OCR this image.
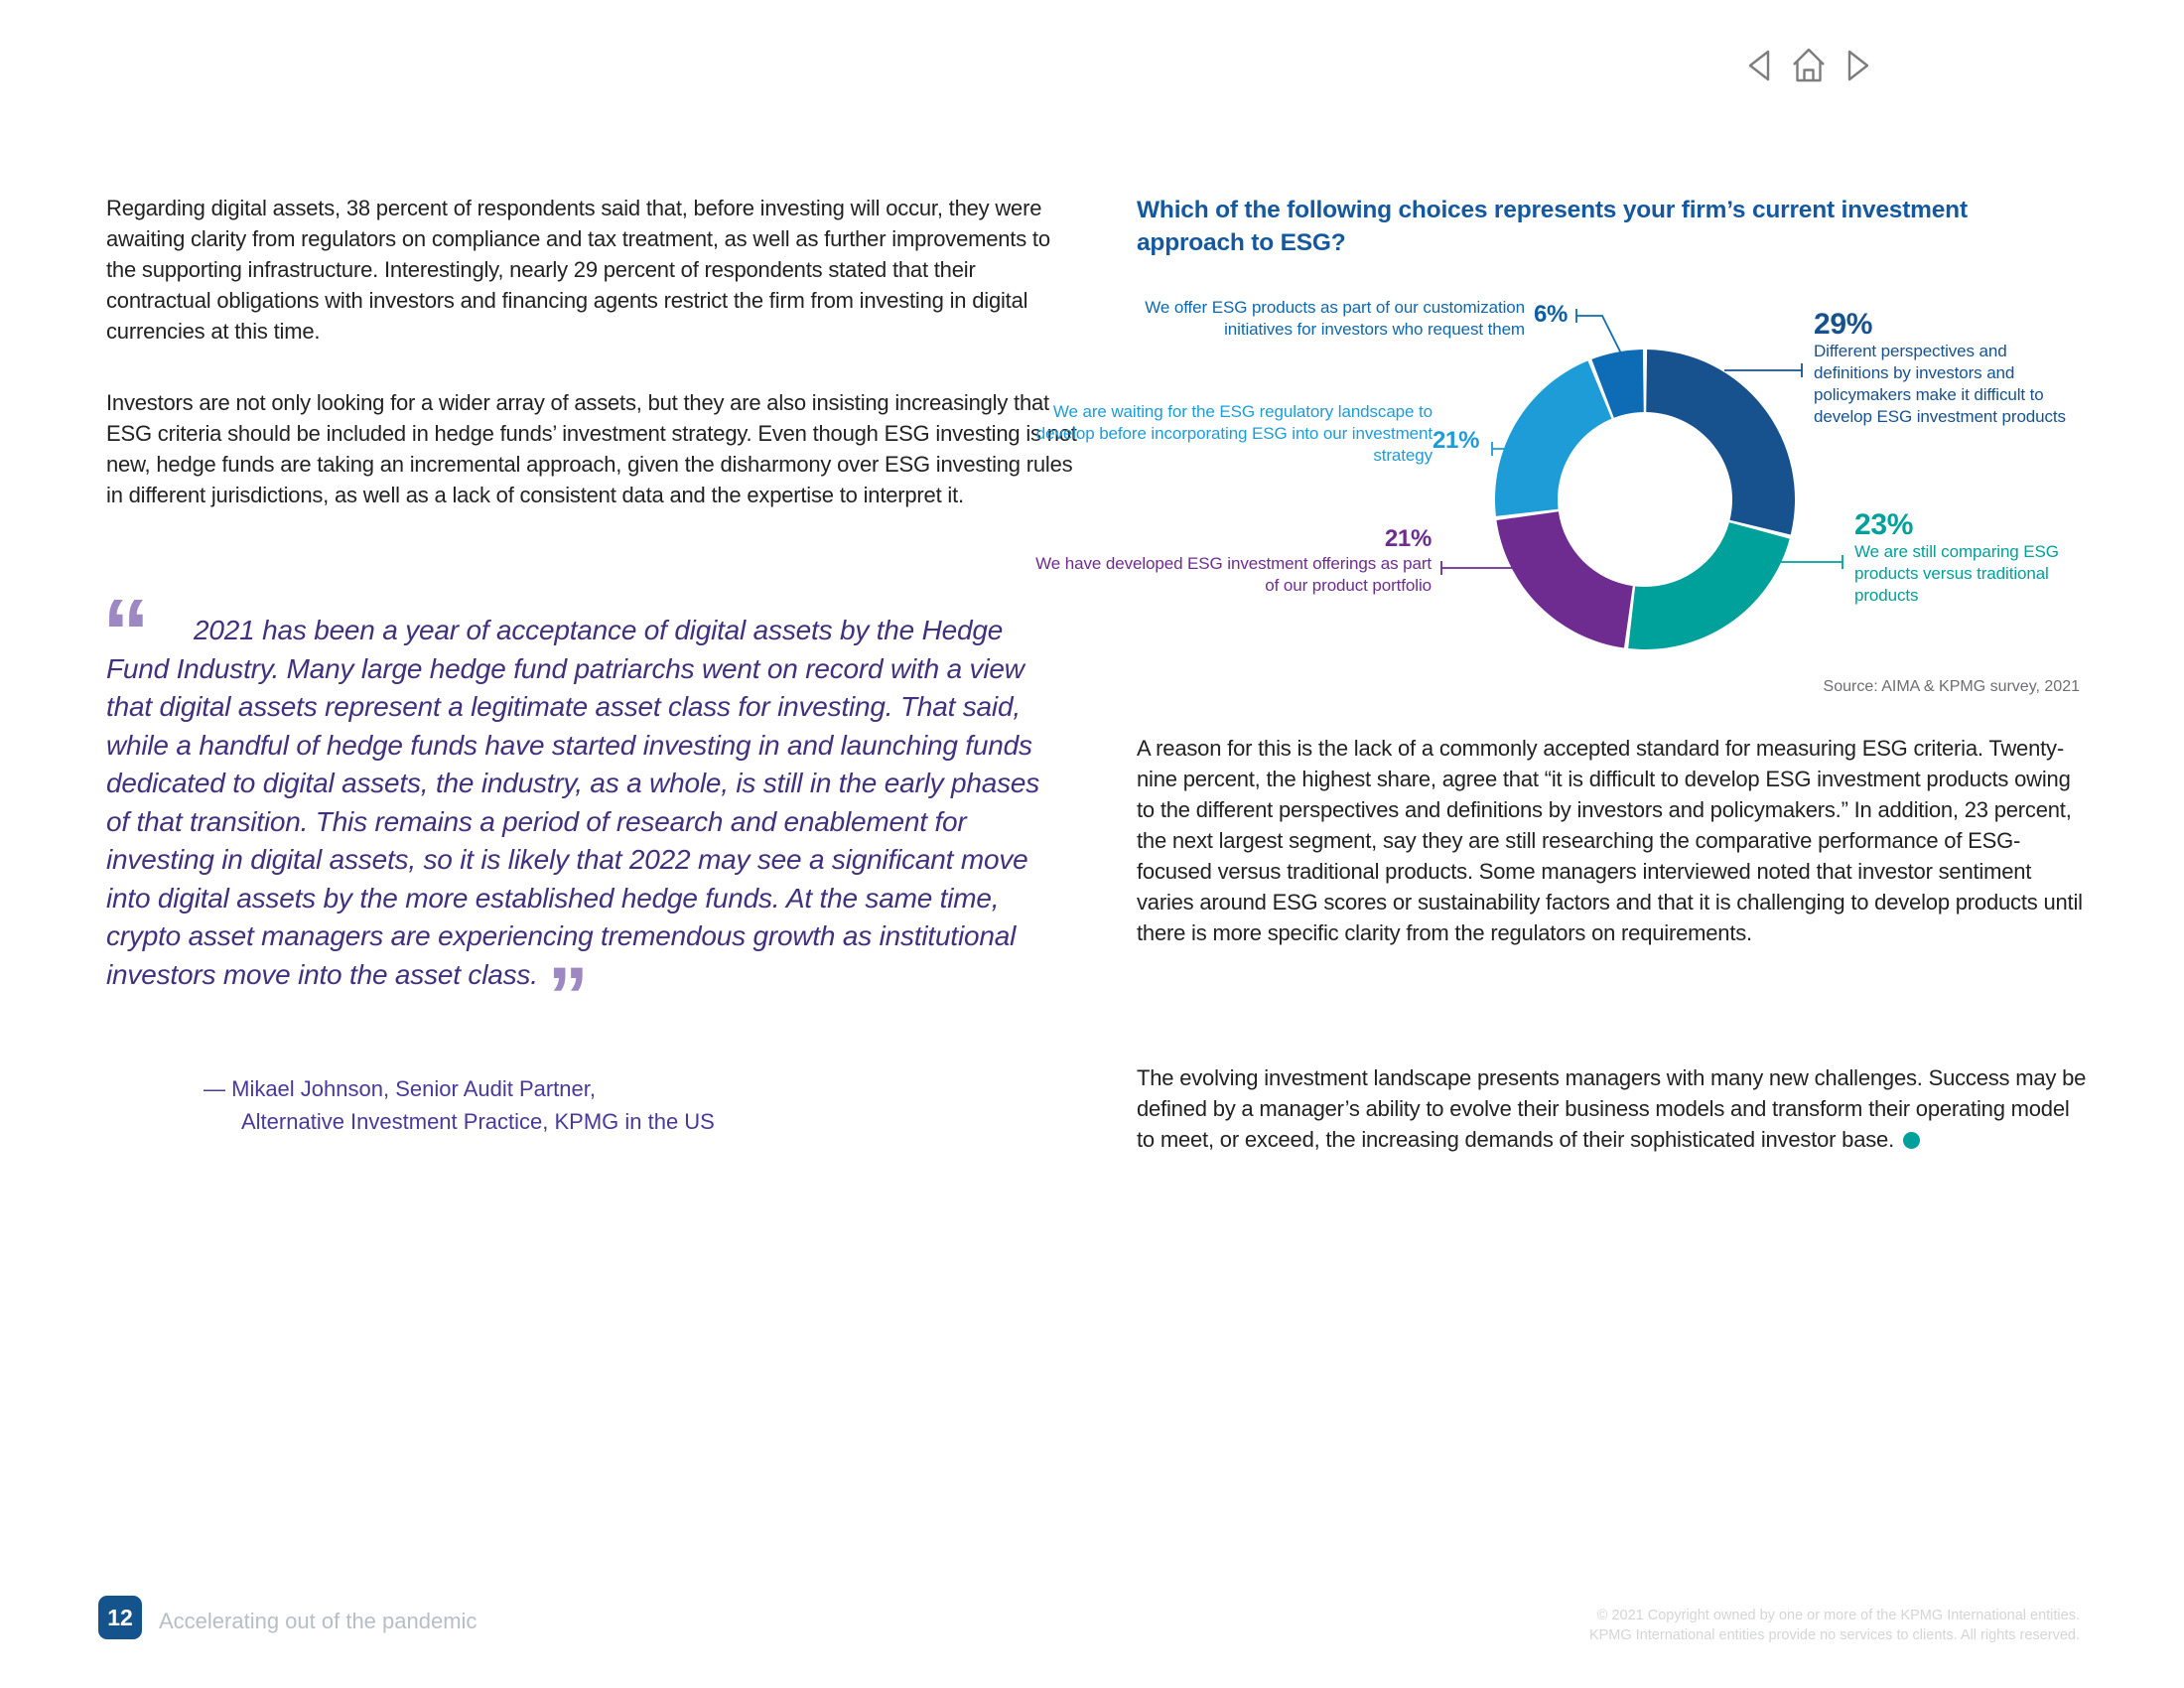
Regarding digital assets, 38 percent of respondents said that, before investing will occur, they were awaiting clarity from regulators on compliance and tax treatment, as well as further improvements to the supporting infrastructure. Interestingly, nearly 29 percent of respondents stated that their contractual obligations with investors and financing agents restrict the firm from investing in digital currencies at this time.

Investors are not only looking for a wider array of assets, but they are also insisting increasingly that ESG criteria should be included in hedge funds’ investment strategy. Even though ESG investing is not new, hedge funds are taking an incremental approach, given the disharmony over ESG investing rules in different jurisdictions, as well as a lack of consistent data and the expertise to interpret it.

“	2021 has been a year of acceptance of digital assets by the Hedge Fund Industry. Many large hedge fund patriarchs went on record with a view that digital assets represent a legitimate asset class for investing. That said, while a handful of hedge funds have started investing in and launching funds dedicated to digital assets, the industry, as a whole, is still in the early phases of that transition. This remains a period of research and enablement for investing in digital assets, so it is likely that 2022 may see a significant move into digital assets by the more established hedge funds. At the same time, crypto asset managers are experiencing tremendous growth as institutional investors move into the asset class. ”
— Mikael Johnson, Senior Audit Partner,
Alternative Investment Practice, KPMG in the US
Which of the following choices represents your firm’s current investment approach to ESG?
We offer ESG products as part of our customization initiatives for investors who request them
6%
We are waiting for the ESG regulatory landscape to develop before incorporating ESG into our investment strategy
21%
21%
We have developed ESG investment offerings as part of our product portfolio
29%
Different perspectives and definitions by investors and policymakers make it difficult to develop ESG investment products
23%
We are still comparing ESG products versus traditional products
Source: AIMA & KPMG survey, 2021

A reason for this is the lack of a commonly accepted standard for measuring ESG criteria. Twenty-nine percent, the highest share, agree that “it is difficult to develop ESG investment products owing to the different perspectives and definitions by investors and policymakers.” In addition, 23 percent, the next largest segment, say they are still researching the comparative performance of ESG-focused versus traditional products. Some managers interviewed noted that investor sentiment varies around ESG scores or sustainability factors and that it is challenging to develop products until there is more specific clarity from the regulators on requirements.

The evolving investment landscape presents managers with many new challenges. Success may be defined by a manager’s ability to evolve their business models and transform their operating model to meet, or exceed, the increasing demands of their sophisticated investor base.

12	Accelerating out of the pandemic	© 2021 Copyright owned by one or more of the KPMG International entities.
KPMG International entities provide no services to clients. All rights reserved.
